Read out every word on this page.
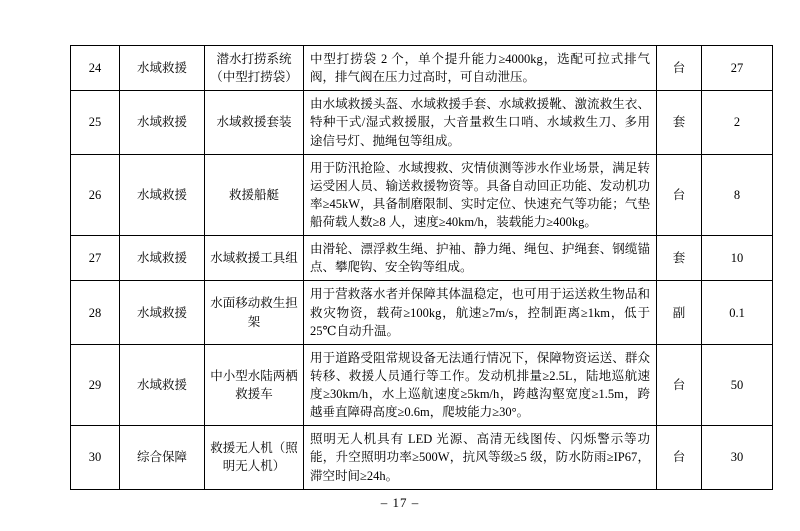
24	水域救援	潜水打捞系统（中型打捞袋）	中型打捞袋 2 个，单个提升能力≥4000kg，选配可拉式排气阀，排气阀在压力过高时，可自动泄压。	台	27
25	水域救援	水域救援套装	由水域救援头盔、水域救援手套、水域救援靴、激流救生衣、特种干式/湿式救援服，大音量救生口哨、水域救生刀、多用途信号灯、抛绳包等组成。	套	2
26	水域救援	救援船艇	用于防汛抢险、水域搜救、灾情侦测等涉水作业场景，满足转运受困人员、输送救援物资等。具备自动回正功能、发动机功率≥45kW，具备制磨限制、实时定位、快速充气等功能；气垫船荷载人数≥8 人，速度≥40km/h，装载能力≥400kg。	台	8
27	水域救援	水域救援工具组	由滑轮、漂浮救生绳、护袖、静力绳、绳包、护绳套、钢缆锚点、攀爬钩、安全钩等组成。	套	10
28	水域救援	水面移动救生担架	用于营救落水者并保障其体温稳定，也可用于运送救生物品和救灾物资，载荷≥100kg，航速≥7m/s，控制距离≥1km，低于 25℃自动升温。	副	0.1
29	水域救援	中小型水陆两栖救援车	用于道路受阻常规设备无法通行情况下，保障物资运送、群众转移、救援人员通行等工作。发动机排量≥2.5L，陆地巡航速度≥30km/h，水上巡航速度≥5km/h，跨越沟壑宽度≥1.5m，跨越垂直障碍高度≥0.6m，爬坡能力≥30°。	台	50
30	综合保障	救援无人机（照明无人机）	照明无人机具有 LED 光源、高清无线图传、闪烁警示等功能，升空照明功率≥500W，抗风等级≥5 级，防水防雨≥IP67，滞空时间≥24h。	台	30
– 17 –
